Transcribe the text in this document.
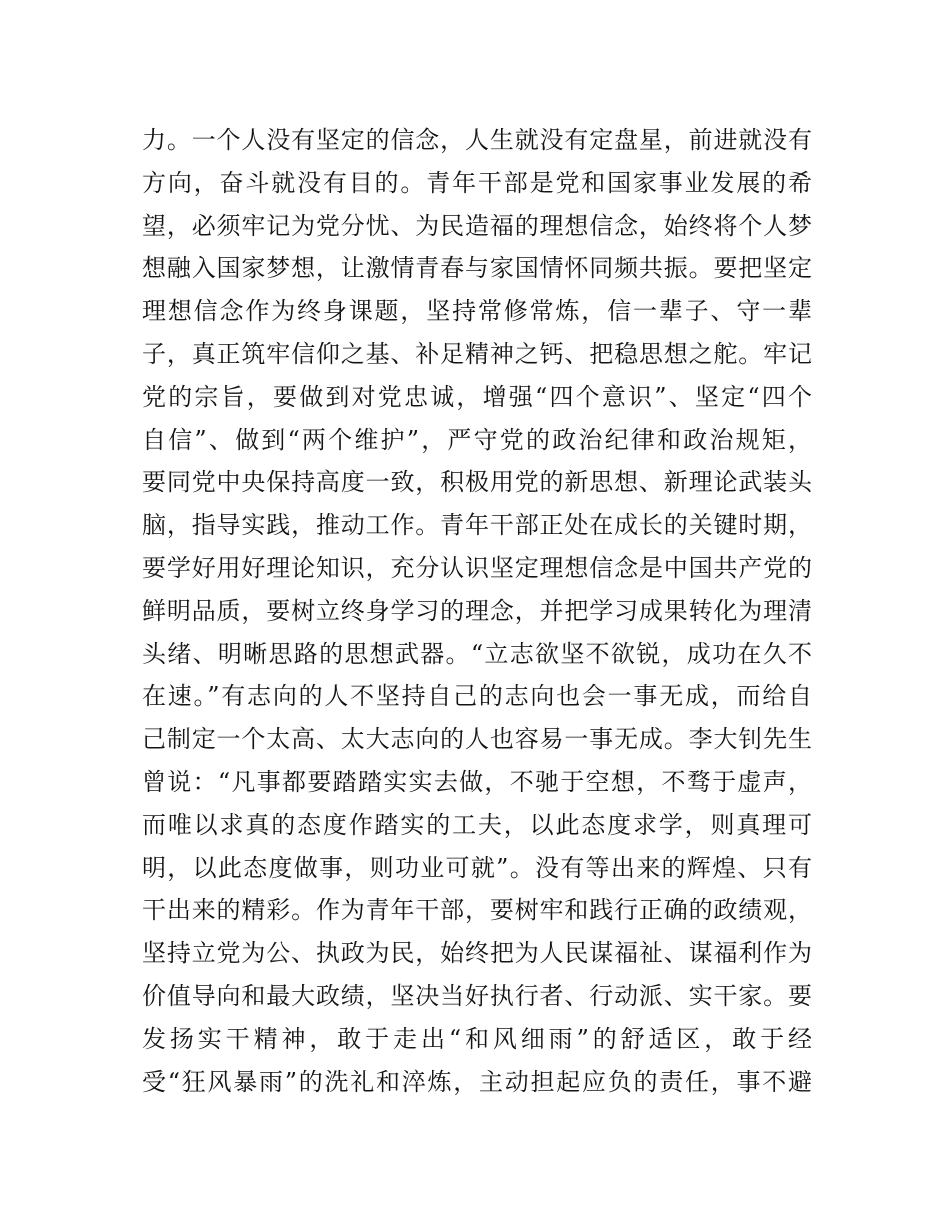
力。一个人没有坚定的信念，人生就没有定盘星，前进就没有
方向，奋斗就没有目的。青年干部是党和国家事业发展的希
望，必须牢记为党分忧、为民造福的理想信念，始终将个人梦
想融入国家梦想，让激情青春与家国情怀同频共振。要把坚定
理想信念作为终身课题，坚持常修常炼，信一辈子、守一辈
子，真正筑牢信仰之基、补足精神之钙、把稳思想之舵。牢记
党的宗旨，要做到对党忠诚，增强“四个意识”、坚定“四个
自信”、做到“两个维护”，严守党的政治纪律和政治规矩，
要同党中央保持高度一致，积极用党的新思想、新理论武装头
脑，指导实践，推动工作。青年干部正处在成长的关键时期，
要学好用好理论知识，充分认识坚定理想信念是中国共产党的
鲜明品质，要树立终身学习的理念，并把学习成果转化为理清
头绪、明晰思路的思想武器。“立志欲坚不欲锐，成功在久不
在速。”有志向的人不坚持自己的志向也会一事无成，而给自
己制定一个太高、太大志向的人也容易一事无成。李大钊先生
曾说：“凡事都要踏踏实实去做，不驰于空想，不骛于虚声，
而唯以求真的态度作踏实的工夫，以此态度求学，则真理可
明，以此态度做事，则功业可就”。没有等出来的辉煌、只有
干出来的精彩。作为青年干部，要树牢和践行正确的政绩观，
坚持立党为公、执政为民，始终把为人民谋福祉、谋福利作为
价值导向和最大政绩，坚决当好执行者、行动派、实干家。要
发扬实干精神，敢于走出“和风细雨”的舒适区，敢于经
受“狂风暴雨”的洗礼和淬炼，主动担起应负的责任，事不避
